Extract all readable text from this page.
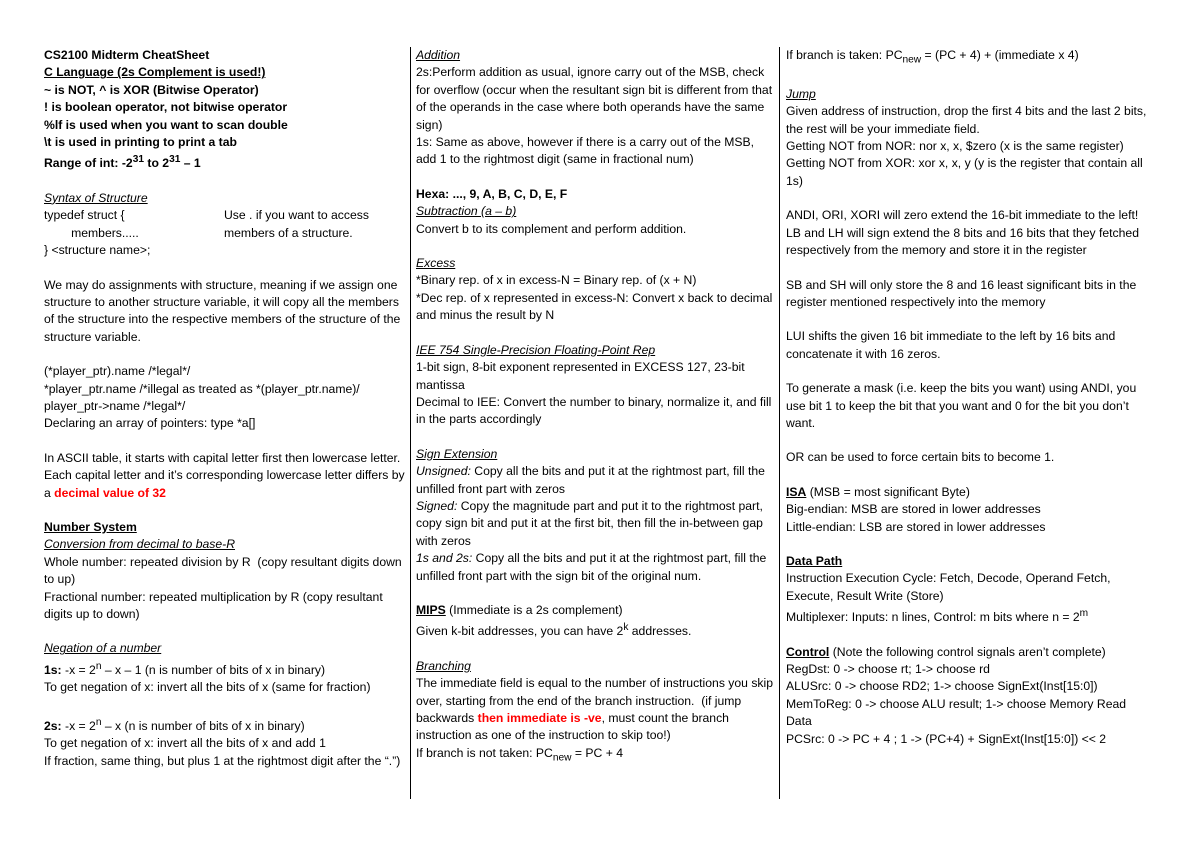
CS2100 Midterm CheatSheet

C Language (2s Complement is used!)

~ is NOT, ^ is XOR (Bitwise Operator)

! is boolean operator, not bitwise operator

%lf is used when you want to scan double

\t is used in printing to print a tab

Range of int: $-2^{31}$ to $2^{31} - 1$

Syntax of Structure

typedef struct {	Use . if you want to access

members.....	members of a structure.

} <structure name>;

We may do assignments with structure, meaning if we assign one structure to another structure variable, it will copy all the members of the structure into the respective members of the structure of the structure variable.

(*player_ptr).name /*legal*/

*player_ptr.name /*illegal as treated as *(player_ptr.name)/

player_ptr->name /*legal*/

Declaring an array of pointers: type *a[]

In ASCII table, it starts with capital letter first then lowercase letter. Each capital letter and it’s corresponding lowercase letter differs by a decimal value of 32

Number System

Conversion from decimal to base-R

Whole number: repeated division by R  (copy resultant digits down to up)

Fractional number: repeated multiplication by R (copy resultant digits up to down)

Negation of a number

1s: $-x = 2^n - x - 1$ (n is number of bits of x in binary)

To get negation of x: invert all the bits of x (same for fraction)

2s: $-x = 2^n - x$ (n is number of bits of x in binary)

To get negation of x: invert all the bits of x and add 1

If fraction, same thing, but plus 1 at the rightmost digit after the “.”)

Addition

2s:Perform addition as usual, ignore carry out of the MSB, check for overflow (occur when the resultant sign bit is different from that of the operands in the case where both operands have the same sign)

1s: Same as above, however if there is a carry out of the MSB, add 1 to the rightmost digit (same in fractional num)

Hexa: ..., 9, A, B, C, D, E, F

Subtraction (a – b)

Convert b to its complement and perform addition.

Excess

*Binary rep. of x in excess-N = Binary rep. of (x + N)

*Dec rep. of x represented in excess-N: Convert x back to decimal and minus the result by N

IEE 754 Single-Precision Floating-Point Rep

1-bit sign, 8-bit exponent represented in EXCESS 127, 23-bit mantissa

Decimal to IEE: Convert the number to binary, normalize it, and fill in the parts accordingly

Sign Extension

Unsigned: Copy all the bits and put it at the rightmost part, fill the unfilled front part with zeros

Signed: Copy the magnitude part and put it to the rightmost part, copy sign bit and put it at the first bit, then fill the in-between gap with zeros

1s and 2s: Copy all the bits and put it at the rightmost part, fill the unfilled front part with the sign bit of the original num.

MIPS (Immediate is a 2s complement)

Given k-bit addresses, you can have 2$^k$ addresses.

Branching

The immediate field is equal to the number of instructions you skip over, starting from the end of the branch instruction.  (if jump backwards then immediate is -ve, must count the branch instruction as one of the instruction to skip too!)

If branch is not taken: $PC_{new}$ = PC + 4

If branch is taken: $PC_{new} = (PC + 4)$ + (immediate x 4)

Jump

Given address of instruction, drop the first 4 bits and the last 2 bits, the rest will be your immediate field.

Getting NOT from NOR: nor x, x, $zero (x is the same register)

Getting NOT from XOR: xor x, x, y (y is the register that contain all 1s)

ANDI, ORI, XORI will zero extend the 16-bit immediate to the left!

LB and LH will sign extend the 8 bits and 16 bits that they fetched respectively from the memory and store it in the register

SB and SH will only store the 8 and 16 least significant bits in the register mentioned respectively into the memory

LUI shifts the given 16 bit immediate to the left by 16 bits and concatenate it with 16 zeros.

To generate a mask (i.e. keep the bits you want) using ANDI, you use bit 1 to keep the bit that you want and 0 for the bit you don’t want.

OR can be used to force certain bits to become 1.

ISA (MSB = most significant Byte)

Big-endian: MSB are stored in lower addresses

Little-endian: LSB are stored in lower addresses

Data Path

Instruction Execution Cycle: Fetch, Decode, Operand Fetch, Execute, Result Write (Store)

Multiplexer: Inputs: n lines, Control: m bits where $n = 2^m$

Control (Note the following control signals aren’t complete)

RegDst: 0 -> choose rt; 1-> choose rd

ALUSrc: 0 -> choose RD2; 1-> choose SignExt(Inst[15:0])

MemToReg: 0 -> choose ALU result; 1-> choose Memory Read Data

PCSrc: 0 -> PC + 4 ; 1 -> (PC+4) + SignExt(Inst[15:0]) << 2
